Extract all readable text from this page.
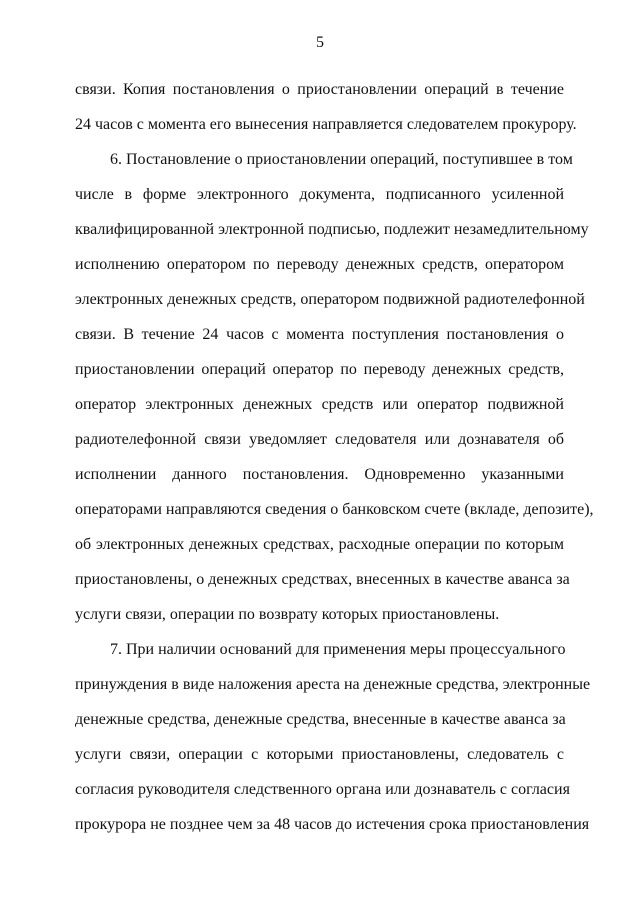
5
связи. Копия постановления о приостановлении операций в течение
24 часов с момента его вынесения направляется следователем прокурору.
6. Постановление о приостановлении операций, поступившее в том
числе в форме электронного документа, подписанного усиленной
квалифицированной электронной подписью, подлежит незамедлительному
исполнению оператором по переводу денежных средств, оператором
электронных денежных средств, оператором подвижной радиотелефонной
связи. В течение 24 часов с момента поступления постановления о
приостановлении операций оператор по переводу денежных средств,
оператор электронных денежных средств или оператор подвижной
радиотелефонной связи уведомляет следователя или дознавателя об
исполнении данного постановления. Одновременно указанными
операторами направляются сведения о банковском счете (вкладе, депозите),
об электронных денежных средствах, расходные операции по которым
приостановлены, о денежных средствах, внесенных в качестве аванса за
услуги связи, операции по возврату которых приостановлены.
7. При наличии оснований для применения меры процессуального
принуждения в виде наложения ареста на денежные средства, электронные
денежные средства, денежные средства, внесенные в качестве аванса за
услуги связи, операции с которыми приостановлены, следователь с
согласия руководителя следственного органа или дознаватель с согласия
прокурора не позднее чем за 48 часов до истечения срока приостановления
